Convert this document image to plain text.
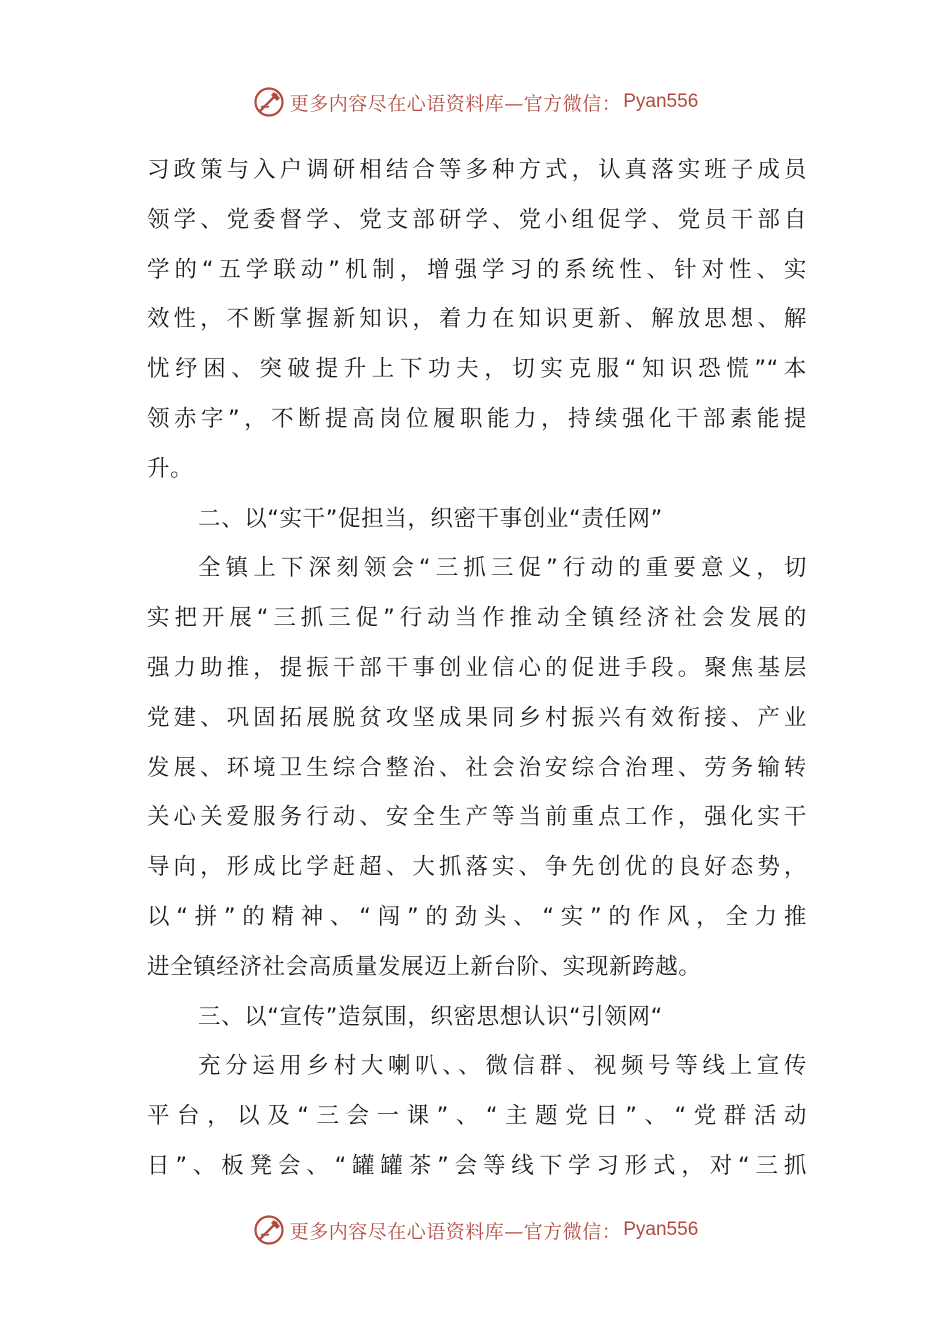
更多内容尽在心语资料库—官方微信： Pyan556
习政策与入户调研相结合等多种方式，认真落实班子成员
领学、党委督学、党支部研学、党小组促学、党员干部自
学的“五学联动”机制，增强学习的系统性、针对性、实
效性，不断掌握新知识，着力在知识更新、解放思想、解
忧纾困、突破提升上下功夫，切实克服“知识恐慌”“本
领赤字”，不断提高岗位履职能力，持续强化干部素能提
升。
二、以“实干”促担当，织密干事创业“责任网”
全镇上下深刻领会“三抓三促”行动的重要意义，切
实把开展“三抓三促”行动当作推动全镇经济社会发展的
强力助推，提振干部干事创业信心的促进手段。聚焦基层
党建、巩固拓展脱贫攻坚成果同乡村振兴有效衔接、产业
发展、环境卫生综合整治、社会治安综合治理、劳务输转
关心关爱服务行动、安全生产等当前重点工作，强化实干
导向，形成比学赶超、大抓落实、争先创优的良好态势，
以“拼”的精神、“闯”的劲头、“实”的作风，全力推
进全镇经济社会高质量发展迈上新台阶、实现新跨越。
三、以“宣传”造氛围，织密思想认识“引领网“
充分运用乡村大喇叭、、微信群、视频号等线上宣传
平台，以及“三会一课”、“主题党日”、“党群活动
日”、板凳会、“罐罐茶”会等线下学习形式，对“三抓
更多内容尽在心语资料库—官方微信： Pyan556
